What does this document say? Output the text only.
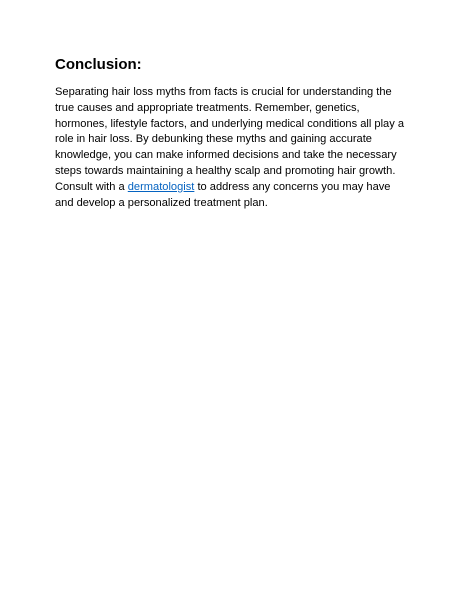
Conclusion:
Separating hair loss myths from facts is crucial for understanding the
true causes and appropriate treatments. Remember, genetics,
hormones, lifestyle factors, and underlying medical conditions all play a
role in hair loss. By debunking these myths and gaining accurate
knowledge, you can make informed decisions and take the necessary
steps towards maintaining a healthy scalp and promoting hair growth.
Consult with a dermatologist to address any concerns you may have
and develop a personalized treatment plan.
